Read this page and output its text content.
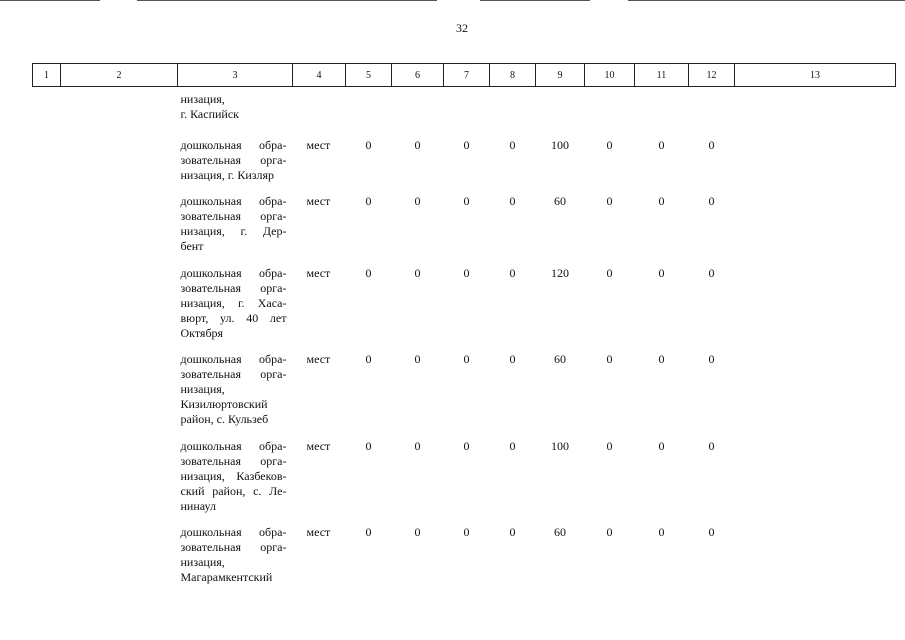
32
1	2	3	4	5	6	7	8	9	10	11	12	13

		низация,
г. Каспийск										

		дошкольная обра-
зовательная орга-
низация, г. Кизляр	мест	0	0	0	0	100	0	0	0	

		дошкольная обра-
зовательная орга-
низация, г. Дер-
бент	мест	0	0	0	0	60	0	0	0	

		дошкольная обра-
зовательная орга-
низация, г. Хаса-
вюрт, ул. 40 лет
Октября	мест	0	0	0	0	120	0	0	0	

		дошкольная обра-
зовательная орга-
низация,
Кизилюртовский
район, с. Кульзеб	мест	0	0	0	0	60	0	0	0	

		дошкольная обра-
зовательная орга-
низация, Казбеков-
ский район, с. Ле-
нинаул	мест	0	0	0	0	100	0	0	0	

		дошкольная обра-
зовательная орга-
низация,
Магарамкентский	мест	0	0	0	0	60	0	0	0	
